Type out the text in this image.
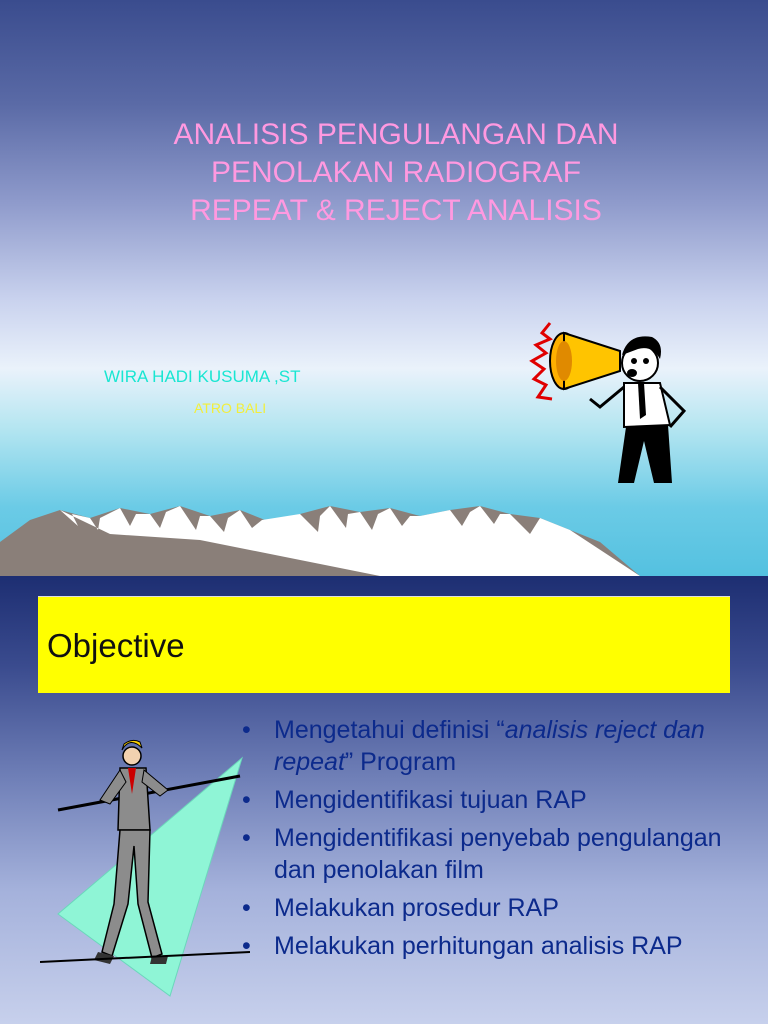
ANALISIS PENGULANGAN DAN
PENOLAKAN RADIOGRAF
REPEAT & REJECT ANALISIS
WIRA HADI KUSUMA ,ST
ATRO BALI
Objective
• Mengetahui definisi “analisis reject dan repeat” Program
• Mengidentifikasi tujuan RAP
• Mengidentifikasi penyebab pengulangan dan penolakan film
• Melakukan prosedur RAP
• Melakukan perhitungan analisis RAP
